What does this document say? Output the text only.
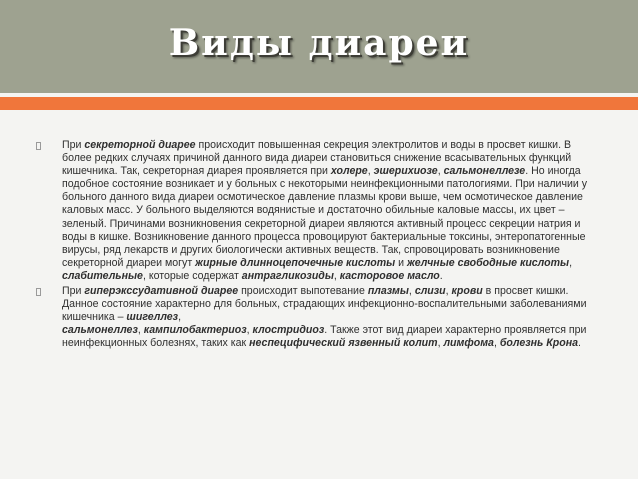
Виды диареи
При секреторной диарее происходит повышенная секреция электролитов и воды в просвет кишки. В более редких случаях причиной данного вида диареи становиться снижение всасывательных функций кишечника. Так, секреторная диарея проявляется при холере, эшерихиозе, сальмонеллезе. Но иногда подобное состояние возникает и у больных с некоторыми неинфекционными патологиями. При наличии у больного данного вида диареи осмотическое давление плазмы крови выше, чем осмотическое давление каловых масс. У больного выделяются водянистые и достаточно обильные каловые массы, их цвет – зеленый. Причинами возникновения секреторной диареи являются активный процесс секреции натрия и воды в кишке. Возникновение данного процесса провоцируют бактериальные токсины, энтеропатогенные вирусы, ряд лекарств и других биологически активных веществ. Так, спровоцировать возникновение секреторной диареи могут жирные длинноцепочечные кислоты и желчные свободные кислоты, слабительные, которые содержат антрагликозиды, касторовое масло.
При гиперэкссудативной диарее происходит выпотевание плазмы, слизи, крови в просвет кишки. Данное состояние характерно для больных, страдающих инфекционно-воспалительными заболеваниями кишечника – шигеллез,
сальмонеллез, кампилобактериоз, клостридиоз. Также этот вид диареи характерно проявляется при неинфекционных болезнях, таких как неспецифический язвенный колит, лимфома, болезнь Крона.
